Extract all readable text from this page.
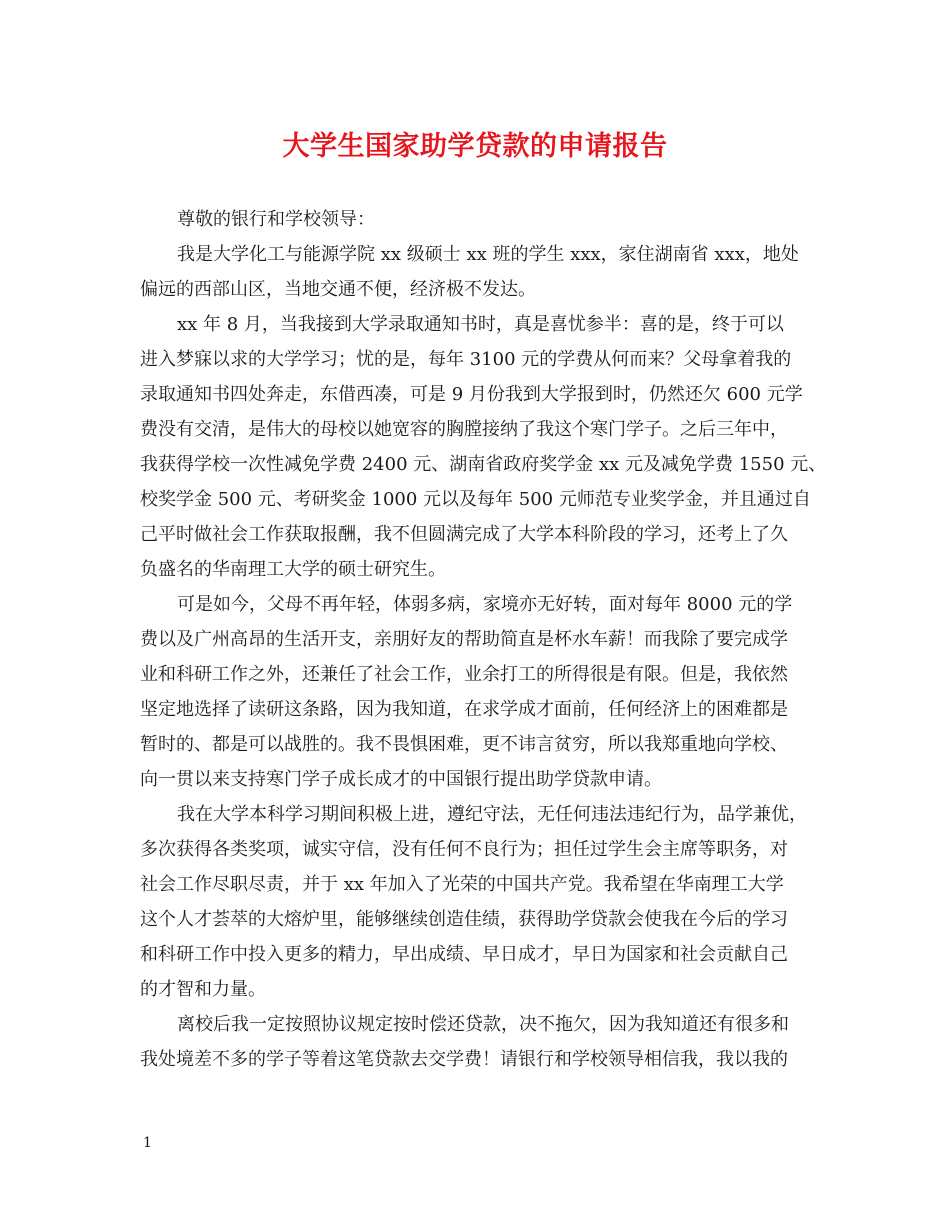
大学生国家助学贷款的申请报告
尊敬的银行和学校领导：
我是大学化工与能源学院 xx 级硕士 xx 班的学生 xxx，家住湖南省 xxx，地处
偏远的西部山区，当地交通不便，经济极不发达。
xx 年 8 月，当我接到大学录取通知书时，真是喜忧参半：喜的是，终于可以
进入梦寐以求的大学学习；忧的是，每年 3100 元的学费从何而来？父母拿着我的
录取通知书四处奔走，东借西凑，可是 9 月份我到大学报到时，仍然还欠 600 元学
费没有交清，是伟大的母校以她宽容的胸膛接纳了我这个寒门学子。之后三年中，
我获得学校一次性减免学费 2400 元、湖南省政府奖学金 xx 元及减免学费 1550 元、
校奖学金 500 元、考研奖金 1000 元以及每年 500 元师范专业奖学金，并且通过自
己平时做社会工作获取报酬，我不但圆满完成了大学本科阶段的学习，还考上了久
负盛名的华南理工大学的硕士研究生。
可是如今，父母不再年轻，体弱多病，家境亦无好转，面对每年 8000 元的学
费以及广州高昂的生活开支，亲朋好友的帮助简直是杯水车薪！而我除了要完成学
业和科研工作之外，还兼任了社会工作，业余打工的所得很是有限。但是，我依然
坚定地选择了读研这条路，因为我知道，在求学成才面前，任何经济上的困难都是
暂时的、都是可以战胜的。我不畏惧困难，更不讳言贫穷，所以我郑重地向学校、
向一贯以来支持寒门学子成长成才的中国银行提出助学贷款申请。
我在大学本科学习期间积极上进，遵纪守法，无任何违法违纪行为，品学兼优，
多次获得各类奖项，诚实守信，没有任何不良行为；担任过学生会主席等职务，对
社会工作尽职尽责，并于 xx 年加入了光荣的中国共产党。我希望在华南理工大学
这个人才荟萃的大熔炉里，能够继续创造佳绩，获得助学贷款会使我在今后的学习
和科研工作中投入更多的精力，早出成绩、早日成才，早日为国家和社会贡献自己
的才智和力量。
离校后我一定按照协议规定按时偿还贷款，决不拖欠，因为我知道还有很多和
我处境差不多的学子等着这笔贷款去交学费！请银行和学校领导相信我，我以我的
1
